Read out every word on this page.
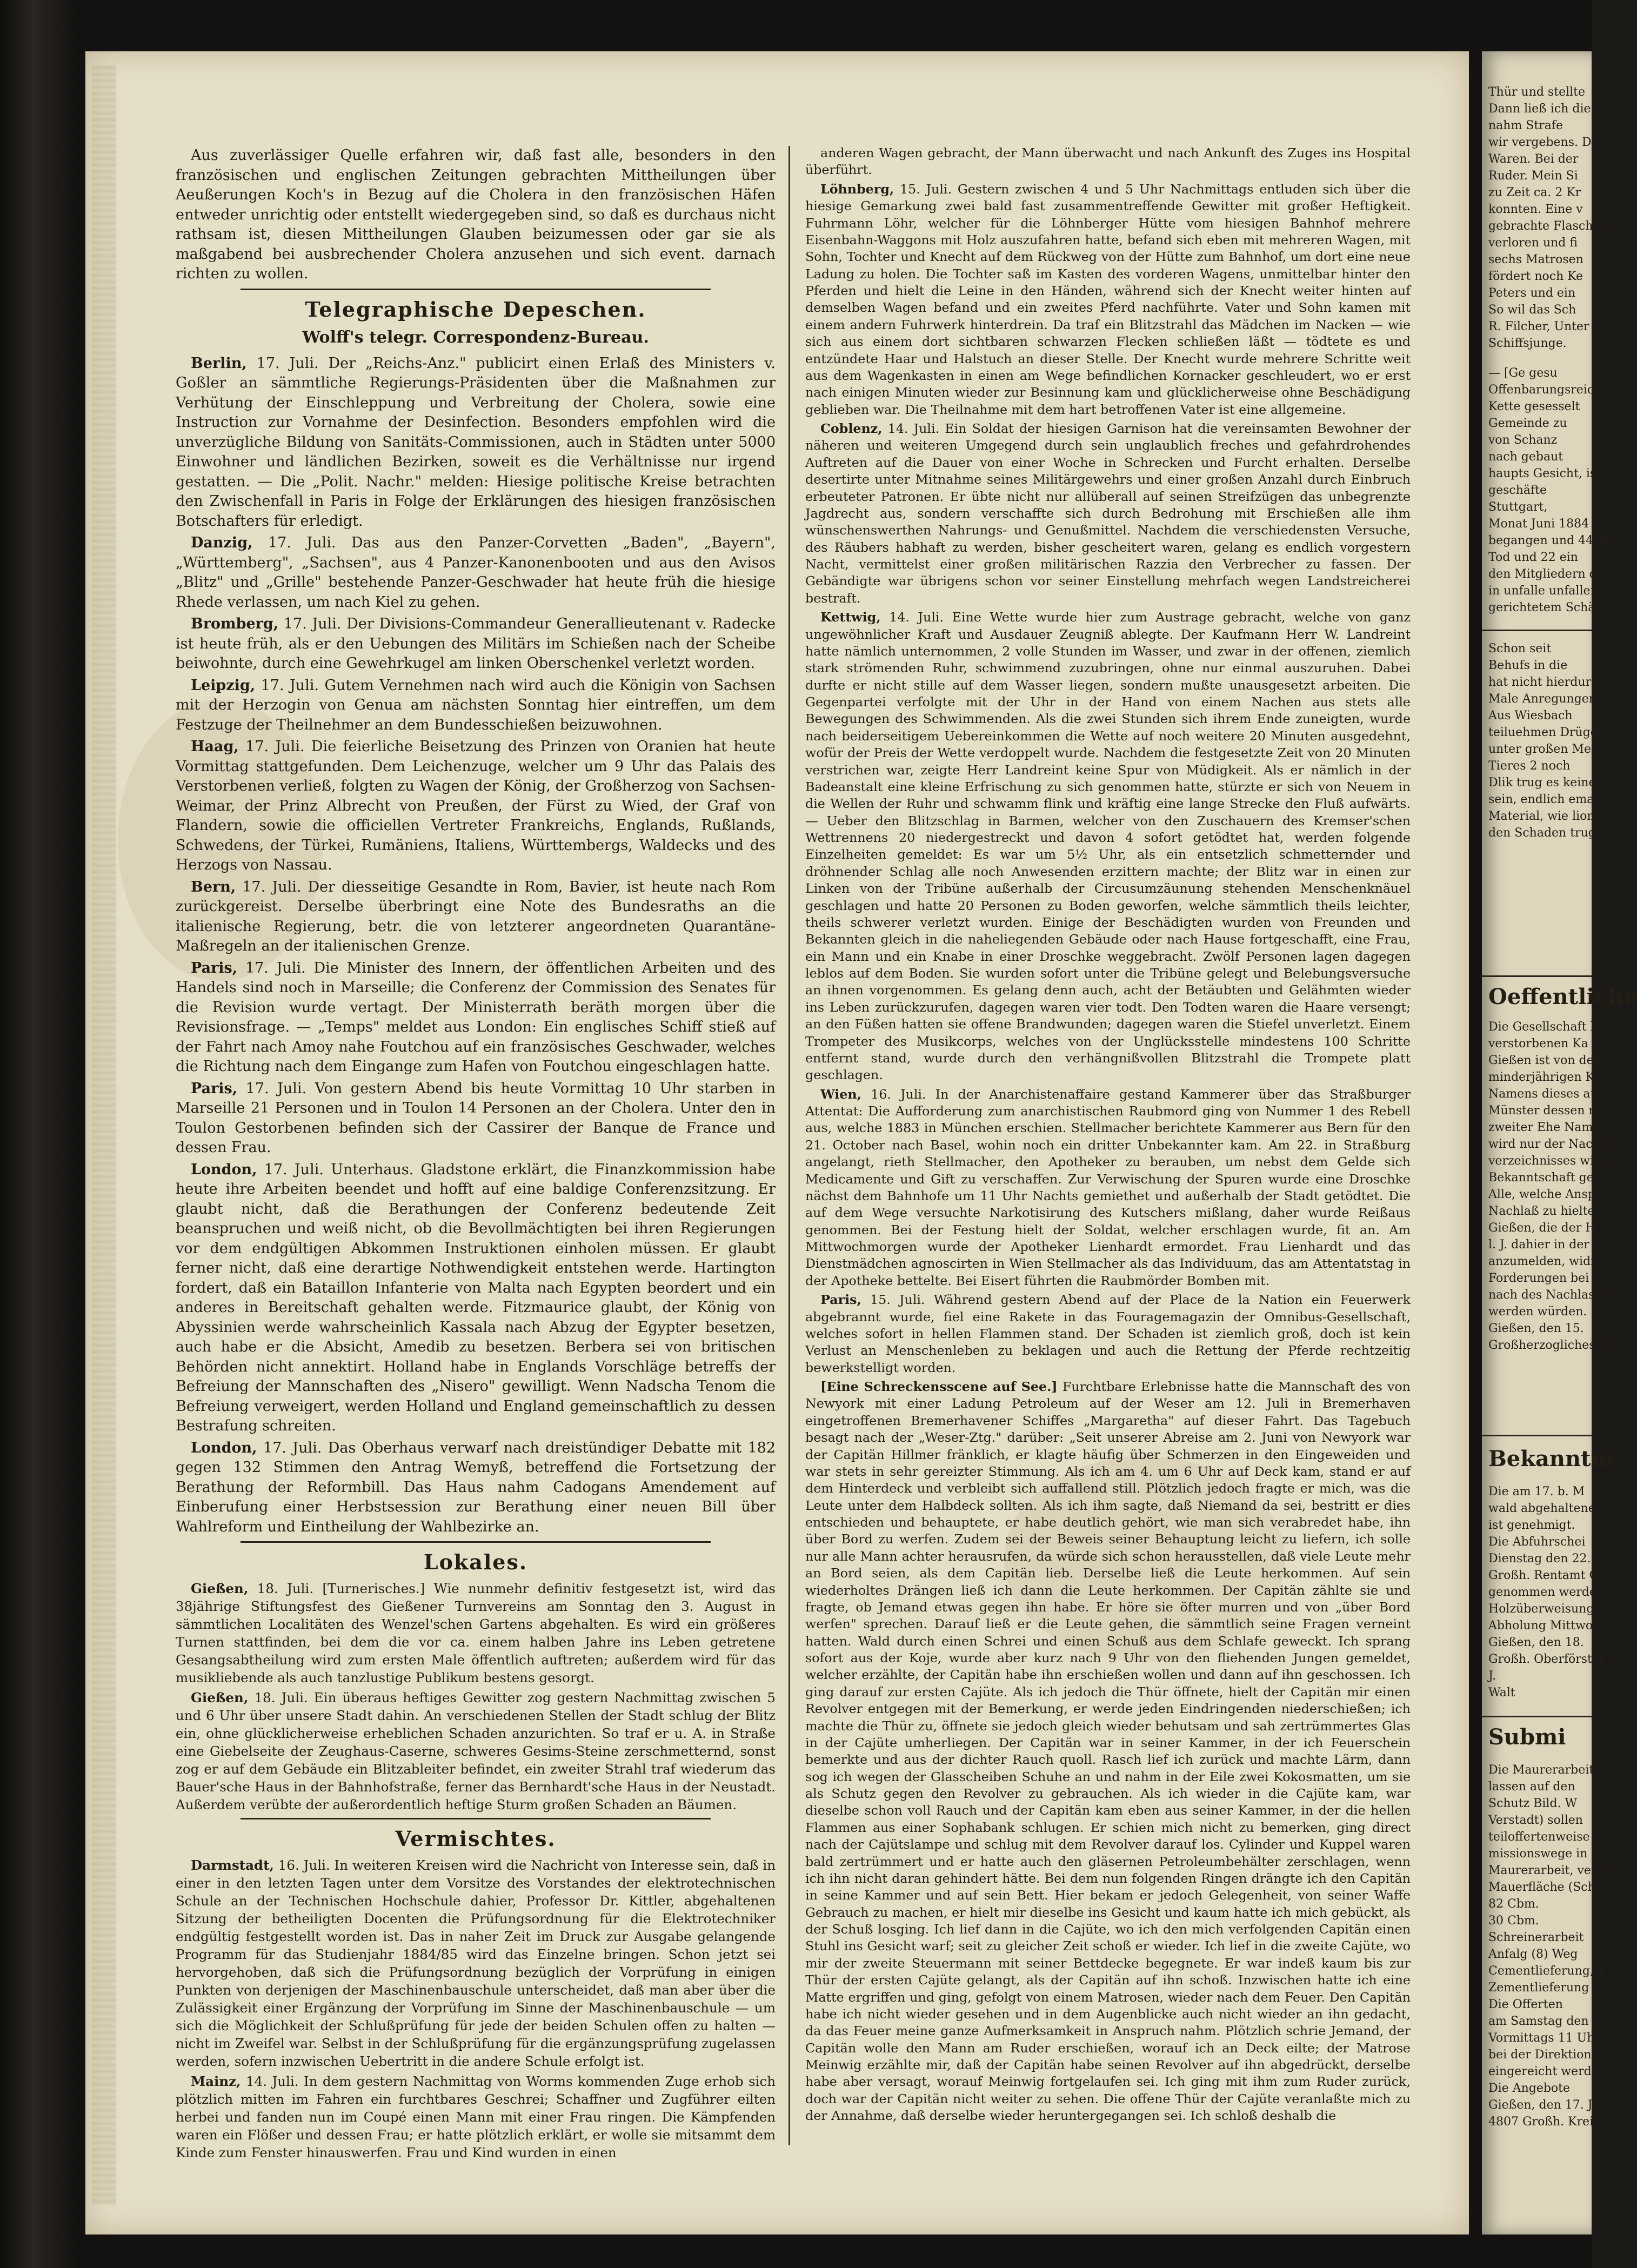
Aus zuverlässiger Quelle erfahren wir, daß fast alle, besonders in den französischen und englischen Zeitungen gebrachten Mittheilungen über Aeußerungen Koch's in Bezug auf die Cholera in den französischen Häfen entweder unrichtig oder entstellt wiedergegeben sind, so daß es durchaus nicht rathsam ist, diesen Mittheilungen Glauben beizumessen oder gar sie als maßgabend bei ausbrechender Cholera anzusehen und sich event. darnach richten zu wollen.

Telegraphische Depeschen.
Wolff's telegr. Correspondenz-Bureau.

Berlin, 17. Juli. Der „Reichs-Anz." publicirt einen Erlaß des Ministers v. Goßler an sämmtliche Regierungs-Präsidenten über die Maßnahmen zur Verhütung der Einschleppung und Verbreitung der Cholera, sowie eine Instruction zur Vornahme der Desinfection. Besonders empfohlen wird die unverzügliche Bildung von Sanitäts-Commissionen, auch in Städten unter 5000 Einwohner und ländlichen Bezirken, soweit es die Verhältnisse nur irgend gestatten. — Die „Polit. Nachr." melden: Hiesige politische Kreise betrachten den Zwischenfall in Paris in Folge der Erklärungen des hiesigen französischen Botschafters für erledigt.

Danzig, 17. Juli. Das aus den Panzer-Corvetten „Baden", „Bayern", „Württemberg", „Sachsen", aus 4 Panzer-Kanonenbooten und aus den Avisos „Blitz" und „Grille" bestehende Panzer-Geschwader hat heute früh die hiesige Rhede verlassen, um nach Kiel zu gehen.

Bromberg, 17. Juli. Der Divisions-Commandeur Generallieutenant v. Radecke ist heute früh, als er den Uebungen des Militärs im Schießen nach der Scheibe beiwohnte, durch eine Gewehrkugel am linken Oberschenkel verletzt worden.

Leipzig, 17. Juli. Gutem Vernehmen nach wird auch die Königin von Sachsen mit der Herzogin von Genua am nächsten Sonntag hier eintreffen, um dem Festzuge der Theilnehmer an dem Bundesschießen beizuwohnen.

Haag, 17. Juli. Die feierliche Beisetzung des Prinzen von Oranien hat heute Vormittag stattgefunden. Dem Leichenzuge, welcher um 9 Uhr das Palais des Verstorbenen verließ, folgten zu Wagen der König, der Großherzog von Sachsen-Weimar, der Prinz Albrecht von Preußen, der Fürst zu Wied, der Graf von Flandern, sowie die officiellen Vertreter Frankreichs, Englands, Rußlands, Schwedens, der Türkei, Rumäniens, Italiens, Württembergs, Waldecks und des Herzogs von Nassau.

Bern, 17. Juli. Der diesseitige Gesandte in Rom, Bavier, ist heute nach Rom zurückgereist. Derselbe überbringt eine Note des Bundesraths an die italienische Regierung, betr. die von letzterer angeordneten Quarantäne-Maßregeln an der italienischen Grenze.

Paris, 17. Juli. Die Minister des Innern, der öffentlichen Arbeiten und des Handels sind noch in Marseille; die Conferenz der Commission des Senates für die Revision wurde vertagt. Der Ministerrath beräth morgen über die Revisionsfrage. — „Temps" meldet aus London: Ein englisches Schiff stieß auf der Fahrt nach Amoy nahe Foutchou auf ein französisches Geschwader, welches die Richtung nach dem Eingange zum Hafen von Foutchou eingeschlagen hatte.

Paris, 17. Juli. Von gestern Abend bis heute Vormittag 10 Uhr starben in Marseille 21 Personen und in Toulon 14 Personen an der Cholera. Unter den in Toulon Gestorbenen befinden sich der Cassirer der Banque de France und dessen Frau.

London, 17. Juli. Unterhaus. Gladstone erklärt, die Finanzkommission habe heute ihre Arbeiten beendet und hofft auf eine baldige Conferenzsitzung. Er glaubt nicht, daß die Berathungen der Conferenz bedeutende Zeit beanspruchen und weiß nicht, ob die Bevollmächtigten bei ihren Regierungen vor dem endgültigen Abkommen Instruktionen einholen müssen. Er glaubt ferner nicht, daß eine derartige Nothwendigkeit entstehen werde. Hartington fordert, daß ein Bataillon Infanterie von Malta nach Egypten beordert und ein anderes in Bereitschaft gehalten werde. Fitzmaurice glaubt, der König von Abyssinien werde wahrscheinlich Kassala nach Abzug der Egypter besetzen, auch habe er die Absicht, Amedib zu besetzen. Berbera sei von britischen Behörden nicht annektirt. Holland habe in Englands Vorschläge betreffs der Befreiung der Mannschaften des „Nisero" gewilligt. Wenn Nadscha Tenom die Befreiung verweigert, werden Holland und England gemeinschaftlich zu dessen Bestrafung schreiten.

London, 17. Juli. Das Oberhaus verwarf nach dreistündiger Debatte mit 182 gegen 132 Stimmen den Antrag Wemyß, betreffend die Fortsetzung der Berathung der Reformbill. Das Haus nahm Cadogans Amendement auf Einberufung einer Herbstsession zur Berathung einer neuen Bill über Wahlreform und Eintheilung der Wahlbezirke an.

Lokales.

Gießen, 18. Juli. [Turnerisches.] Wie nunmehr definitiv festgesetzt ist, wird das 38jährige Stiftungsfest des Gießener Turnvereins am Sonntag den 3. August in sämmtlichen Localitäten des Wenzel'schen Gartens abgehalten. Es wird ein größeres Turnen stattfinden, bei dem die vor ca. einem halben Jahre ins Leben getretene Gesangsabtheilung wird zum ersten Male öffentlich auftreten; außerdem wird für das musikliebende als auch tanzlustige Publikum bestens gesorgt.

Gießen, 18. Juli. Ein überaus heftiges Gewitter zog gestern Nachmittag zwischen 5 und 6 Uhr über unsere Stadt dahin. An verschiedenen Stellen der Stadt schlug der Blitz ein, ohne glücklicherweise erheblichen Schaden anzurichten. So traf er u. A. in Straße eine Giebelseite der Zeughaus-Caserne, schweres Gesims-Steine zerschmetternd, sonst zog er auf dem Gebäude ein Blitzableiter befindet, ein zweiter Strahl traf wiederum das Bauer'sche Haus in der Bahnhofstraße, ferner das Bernhardt'sche Haus in der Neustadt. Außerdem verübte der außerordentlich heftige Sturm großen Schaden an Bäumen.

Vermischtes.

Darmstadt, 16. Juli. In weiteren Kreisen wird die Nachricht von Interesse sein, daß in einer in den letzten Tagen unter dem Vorsitze des Vorstandes der elektrotechnischen Schule an der Technischen Hochschule dahier, Professor Dr. Kittler, abgehaltenen Sitzung der betheiligten Docenten die Prüfungsordnung für die Elektrotechniker endgültig festgestellt worden ist. Das in naher Zeit im Druck zur Ausgabe gelangende Programm für das Studienjahr 1884/85 wird das Einzelne bringen. Schon jetzt sei hervorgehoben, daß sich die Prüfungsordnung bezüglich der Vorprüfung in einigen Punkten von derjenigen der Maschinenbauschule unterscheidet, daß man aber über die Zulässigkeit einer Ergänzung der Vorprüfung im Sinne der Maschinenbauschule — um sich die Möglichkeit der Schlußprüfung für jede der beiden Schulen offen zu halten — nicht im Zweifel war. Selbst in der Schlußprüfung für die ergänzungsprüfung zugelassen werden, sofern inzwischen Uebertritt in die andere Schule erfolgt ist.

Mainz, 14. Juli. In dem gestern Nachmittag von Worms kommenden Zuge erhob sich plötzlich mitten im Fahren ein furchtbares Geschrei; Schaffner und Zugführer eilten herbei und fanden nun im Coupé einen Mann mit einer Frau ringen. Die Kämpfenden waren ein Flößer und dessen Frau; er hatte plötzlich erklärt, er wolle sie mitsammt dem Kinde zum Fenster hinauswerfen. Frau und Kind wurden in einen

anderen Wagen gebracht, der Mann überwacht und nach Ankunft des Zuges ins Hospital überführt.

Löhnberg, 15. Juli. Gestern zwischen 4 und 5 Uhr Nachmittags entluden sich über die hiesige Gemarkung zwei bald fast zusammentreffende Gewitter mit großer Heftigkeit. Fuhrmann Löhr, welcher für die Löhnberger Hütte vom hiesigen Bahnhof mehrere Eisenbahn-Waggons mit Holz auszufahren hatte, befand sich eben mit mehreren Wagen, mit Sohn, Tochter und Knecht auf dem Rückweg von der Hütte zum Bahnhof, um dort eine neue Ladung zu holen. Die Tochter saß im Kasten des vorderen Wagens, unmittelbar hinter den Pferden und hielt die Leine in den Händen, während sich der Knecht weiter hinten auf demselben Wagen befand und ein zweites Pferd nachführte. Vater und Sohn kamen mit einem andern Fuhrwerk hinterdrein. Da traf ein Blitzstrahl das Mädchen im Nacken — wie sich aus einem dort sichtbaren schwarzen Flecken schließen läßt — tödtete es und entzündete Haar und Halstuch an dieser Stelle. Der Knecht wurde mehrere Schritte weit aus dem Wagenkasten in einen am Wege befindlichen Kornacker geschleudert, wo er erst nach einigen Minuten wieder zur Besinnung kam und glücklicherweise ohne Beschädigung geblieben war. Die Theilnahme mit dem hart betroffenen Vater ist eine allgemeine.

Coblenz, 14. Juli. Ein Soldat der hiesigen Garnison hat die vereinsamten Bewohner der näheren und weiteren Umgegend durch sein unglaublich freches und gefahrdrohendes Auftreten auf die Dauer von einer Woche in Schrecken und Furcht erhalten. Derselbe desertirte unter Mitnahme seines Militärgewehrs und einer großen Anzahl durch Einbruch erbeuteter Patronen. Er übte nicht nur allüberall auf seinen Streifzügen das unbegrenzte Jagdrecht aus, sondern verschaffte sich durch Bedrohung mit Erschießen alle ihm wünschenswerthen Nahrungs- und Genußmittel. Nachdem die verschiedensten Versuche, des Räubers habhaft zu werden, bisher gescheitert waren, gelang es endlich vorgestern Nacht, vermittelst einer großen militärischen Razzia den Verbrecher zu fassen. Der Gebändigte war übrigens schon vor seiner Einstellung mehrfach wegen Landstreicherei bestraft.

Kettwig, 14. Juli. Eine Wette wurde hier zum Austrage gebracht, welche von ganz ungewöhnlicher Kraft und Ausdauer Zeugniß ablegte. Der Kaufmann Herr W. Landreint hatte nämlich unternommen, 2 volle Stunden im Wasser, und zwar in der offenen, ziemlich stark strömenden Ruhr, schwimmend zuzubringen, ohne nur einmal auszuruhen. Dabei durfte er nicht stille auf dem Wasser liegen, sondern mußte unausgesetzt arbeiten. Die Gegenpartei verfolgte mit der Uhr in der Hand von einem Nachen aus stets alle Bewegungen des Schwimmenden. Als die zwei Stunden sich ihrem Ende zuneigten, wurde nach beiderseitigem Uebereinkommen die Wette auf noch weitere 20 Minuten ausgedehnt, wofür der Preis der Wette verdoppelt wurde. Nachdem die festgesetzte Zeit von 20 Minuten verstrichen war, zeigte Herr Landreint keine Spur von Müdigkeit. Als er nämlich in der Badeanstalt eine kleine Erfrischung zu sich genommen hatte, stürzte er sich von Neuem in die Wellen der Ruhr und schwamm flink und kräftig eine lange Strecke den Fluß aufwärts. — Ueber den Blitzschlag in Barmen, welcher von den Zuschauern des Kremser'schen Wettrennens 20 niedergestreckt und davon 4 sofort getödtet hat, werden folgende Einzelheiten gemeldet: Es war um 5½ Uhr, als ein entsetzlich schmetternder und dröhnender Schlag alle noch Anwesenden erzittern machte; der Blitz war in einen zur Linken von der Tribüne außerhalb der Circusumzäunung stehenden Menschenknäuel geschlagen und hatte 20 Personen zu Boden geworfen, welche sämmtlich theils leichter, theils schwerer verletzt wurden. Einige der Beschädigten wurden von Freunden und Bekannten gleich in die naheliegenden Gebäude oder nach Hause fortgeschafft, eine Frau, ein Mann und ein Knabe in einer Droschke weggebracht. Zwölf Personen lagen dagegen leblos auf dem Boden. Sie wurden sofort unter die Tribüne gelegt und Belebungsversuche an ihnen vorgenommen. Es gelang denn auch, acht der Betäubten und Gelähmten wieder ins Leben zurückzurufen, dagegen waren vier todt. Den Todten waren die Haare versengt; an den Füßen hatten sie offene Brandwunden; dagegen waren die Stiefel unverletzt. Einem Trompeter des Musikcorps, welches von der Unglücksstelle mindestens 100 Schritte entfernt stand, wurde durch den verhängnißvollen Blitzstrahl die Trompete platt geschlagen.

Wien, 16. Juli. In der Anarchistenaffaire gestand Kammerer über das Straßburger Attentat: Die Aufforderung zum anarchistischen Raubmord ging von Nummer 1 des Rebell aus, welche 1883 in München erschien. Stellmacher berichtete Kammerer aus Bern für den 21. October nach Basel, wohin noch ein dritter Unbekannter kam. Am 22. in Straßburg angelangt, rieth Stellmacher, den Apotheker zu berauben, um nebst dem Gelde sich Medicamente und Gift zu verschaffen. Zur Verwischung der Spuren wurde eine Droschke nächst dem Bahnhofe um 11 Uhr Nachts gemiethet und außerhalb der Stadt getödtet. Die auf dem Wege versuchte Narkotisirung des Kutschers mißlang, daher wurde Reißaus genommen. Bei der Festung hielt der Soldat, welcher erschlagen wurde, fit an. Am Mittwochmorgen wurde der Apotheker Lienhardt ermordet. Frau Lienhardt und das Dienstmädchen agnoscirten in Wien Stellmacher als das Individuum, das am Attentatstag in der Apotheke bettelte. Bei Eisert führten die Raubmörder Bomben mit.

Paris, 15. Juli. Während gestern Abend auf der Place de la Nation ein Feuerwerk abgebrannt wurde, fiel eine Rakete in das Fouragemagazin der Omnibus-Gesellschaft, welches sofort in hellen Flammen stand. Der Schaden ist ziemlich groß, doch ist kein Verlust an Menschenleben zu beklagen und auch die Rettung der Pferde rechtzeitig bewerkstelligt worden.

[Eine Schreckensscene auf See.] Furchtbare Erlebnisse hatte die Mannschaft des von Newyork mit einer Ladung Petroleum auf der Weser am 12. Juli in Bremerhaven eingetroffenen Bremerhavener Schiffes „Margaretha" auf dieser Fahrt. Das Tagebuch besagt nach der „Weser-Ztg." darüber: „Seit unserer Abreise am 2. Juni von Newyork war der Capitän Hillmer fränklich, er klagte häufig über Schmerzen in den Eingeweiden und war stets in sehr gereizter Stimmung. Als ich am 4. um 6 Uhr auf Deck kam, stand er auf dem Hinterdeck und verbleibt sich auffallend still. Plötzlich jedoch fragte er mich, was die Leute unter dem Halbdeck sollten. Als ich ihm sagte, daß Niemand da sei, bestritt er dies entschieden und behauptete, er habe deutlich gehört, wie man sich verabredet habe, ihn über Bord zu werfen. Zudem sei der Beweis seiner Behauptung leicht zu liefern, ich solle nur alle Mann achter herausrufen, da würde sich schon herausstellen, daß viele Leute mehr an Bord seien, als dem Capitän lieb. Derselbe ließ die Leute herkommen. Auf sein wiederholtes Drängen ließ ich dann die Leute herkommen. Der Capitän zählte sie und fragte, ob Jemand etwas gegen ihn habe. Er höre sie öfter murren und von „über Bord werfen" sprechen. Darauf ließ er die Leute gehen, die sämmtlich seine Fragen verneint hatten. Wald durch einen Schrei und einen Schuß aus dem Schlafe geweckt. Ich sprang sofort aus der Koje, wurde aber kurz nach 9 Uhr von den fliehenden Jungen gemeldet, welcher erzählte, der Capitän habe ihn erschießen wollen und dann auf ihn geschossen. Ich ging darauf zur ersten Cajüte. Als ich jedoch die Thür öffnete, hielt der Capitän mir einen Revolver entgegen mit der Bemerkung, er werde jeden Eindringenden niederschießen; ich machte die Thür zu, öffnete sie jedoch gleich wieder behutsam und sah zertrümmertes Glas in der Cajüte umherliegen. Der Capitän war in seiner Kammer, in der ich Feuerschein bemerkte und aus der dichter Rauch quoll. Rasch lief ich zurück und machte Lärm, dann sog ich wegen der Glasscheiben Schuhe an und nahm in der Eile zwei Kokosmatten, um sie als Schutz gegen den Revolver zu gebrauchen. Als ich wieder in die Cajüte kam, war dieselbe schon voll Rauch und der Capitän kam eben aus seiner Kammer, in der die hellen Flammen aus einer Sophabank schlugen. Er schien mich nicht zu bemerken, ging direct nach der Cajütslampe und schlug mit dem Revolver darauf los. Cylinder und Kuppel waren bald zertrümmert und er hatte auch den gläsernen Petroleumbehälter zerschlagen, wenn ich ihn nicht daran gehindert hätte. Bei dem nun folgenden Ringen drängte ich den Capitän in seine Kammer und auf sein Bett. Hier bekam er jedoch Gelegenheit, von seiner Waffe Gebrauch zu machen, er hielt mir dieselbe ins Gesicht und kaum hatte ich mich gebückt, als der Schuß losging. Ich lief dann in die Cajüte, wo ich den mich verfolgenden Capitän einen Stuhl ins Gesicht warf; seit zu gleicher Zeit schoß er wieder. Ich lief in die zweite Cajüte, wo mir der zweite Steuermann mit seiner Bettdecke begegnete. Er war indeß kaum bis zur Thür der ersten Cajüte gelangt, als der Capitän auf ihn schoß. Inzwischen hatte ich eine Matte ergriffen und ging, gefolgt von einem Matrosen, wieder nach dem Feuer. Den Capitän habe ich nicht wieder gesehen und in dem Augenblicke auch nicht wieder an ihn gedacht, da das Feuer meine ganze Aufmerksamkeit in Anspruch nahm. Plötzlich schrie Jemand, der Capitän wolle den Mann am Ruder erschießen, worauf ich an Deck eilte; der Matrose Meinwig erzählte mir, daß der Capitän habe seinen Revolver auf ihn abgedrückt, derselbe habe aber versagt, worauf Meinwig fortgelaufen sei. Ich ging mit ihm zum Ruder zurück, doch war der Capitän nicht weiter zu sehen. Die offene Thür der Cajüte veranlaßte mich zu der Annahme, daß derselbe wieder heruntergegangen sei. Ich schloß deshalb die

Thür und stellte
Dann ließ ich die
nahm Strafe
wir vergebens. D
Waren. Bei der
Ruder. Mein Si
zu Zeit ca. 2 Kr
konnten. Eine v
gebrachte Flaschen
verloren und fi
sechs Matrosen
fördert noch Ke
Peters und ein
So wil das Sch
R. Filcher, Unter
Schiffsjunge.
— [Ge gesu
Offenbarungsreich
Kette gesesselt
Gemeinde zu
von Schanz
nach gebaut
haupts Gesicht, ist
geschäfte
Stuttgart,
Monat Juni 1884
begangen und 44 im
Tod und 22 ein
den Mitgliedern der
in unfalle unfallen
gerichtetem Schäd
Schon seit
Behufs in die
hat nicht hierdurch
Male Anregungen
Aus Wiesbach
teiluehmen Drügel
unter großen Mens
Tieres 2 noch
Dlik trug es keine
sein, endlich ema
Material, wie lionau
den Schaden trugen
Oeffentliche
Die Gesellschaft b
verstorbenen Ka
Gießen ist von den
minderjährigen K
Namens dieses aus
Münster dessen nur
zweiter Ehe Namen
wird nur der Nachtw
verzeichnisses wird
Bekanntschaft gese
Alle, welche Anspr
Nachlaß zu hielten
Gießen, die der H
l. J. dahier in der
anzumelden, widrig
Forderungen bei
nach des Nachlasses
werden würden.
Gießen, den 15.
Großherzogliches Am
Bekanntm
Die am 17. b. M
wald abgehaltene
ist genehmigt.
Die Abfuhrschei
Dienstag den 22.
Großh. Rentamt G
genommen werden.
Holzüberweisung
Abholung Mittwoc
Gießen, den 18.
Großh. Oberförster
J.
Walt
Submi
Die Maurerarbeit
lassen auf den
Schutz Bild. W
Verstadt) sollen
teiloffertenweise
missionswege in
Maurerarbeit, veran
Mauerfläche (Schi
82 Cbm.
30 Cbm.
Schreinerarbeit
Anfalg (8) Weg
Cementlieferung, 4
Zementlieferung
Die Offerten
am Samstag den
Vormittags 11 Uhr
bei der Direktion
eingereicht werden.
Die Angebote
Gießen, den 17. Juli
4807 Großh. Kreisb
